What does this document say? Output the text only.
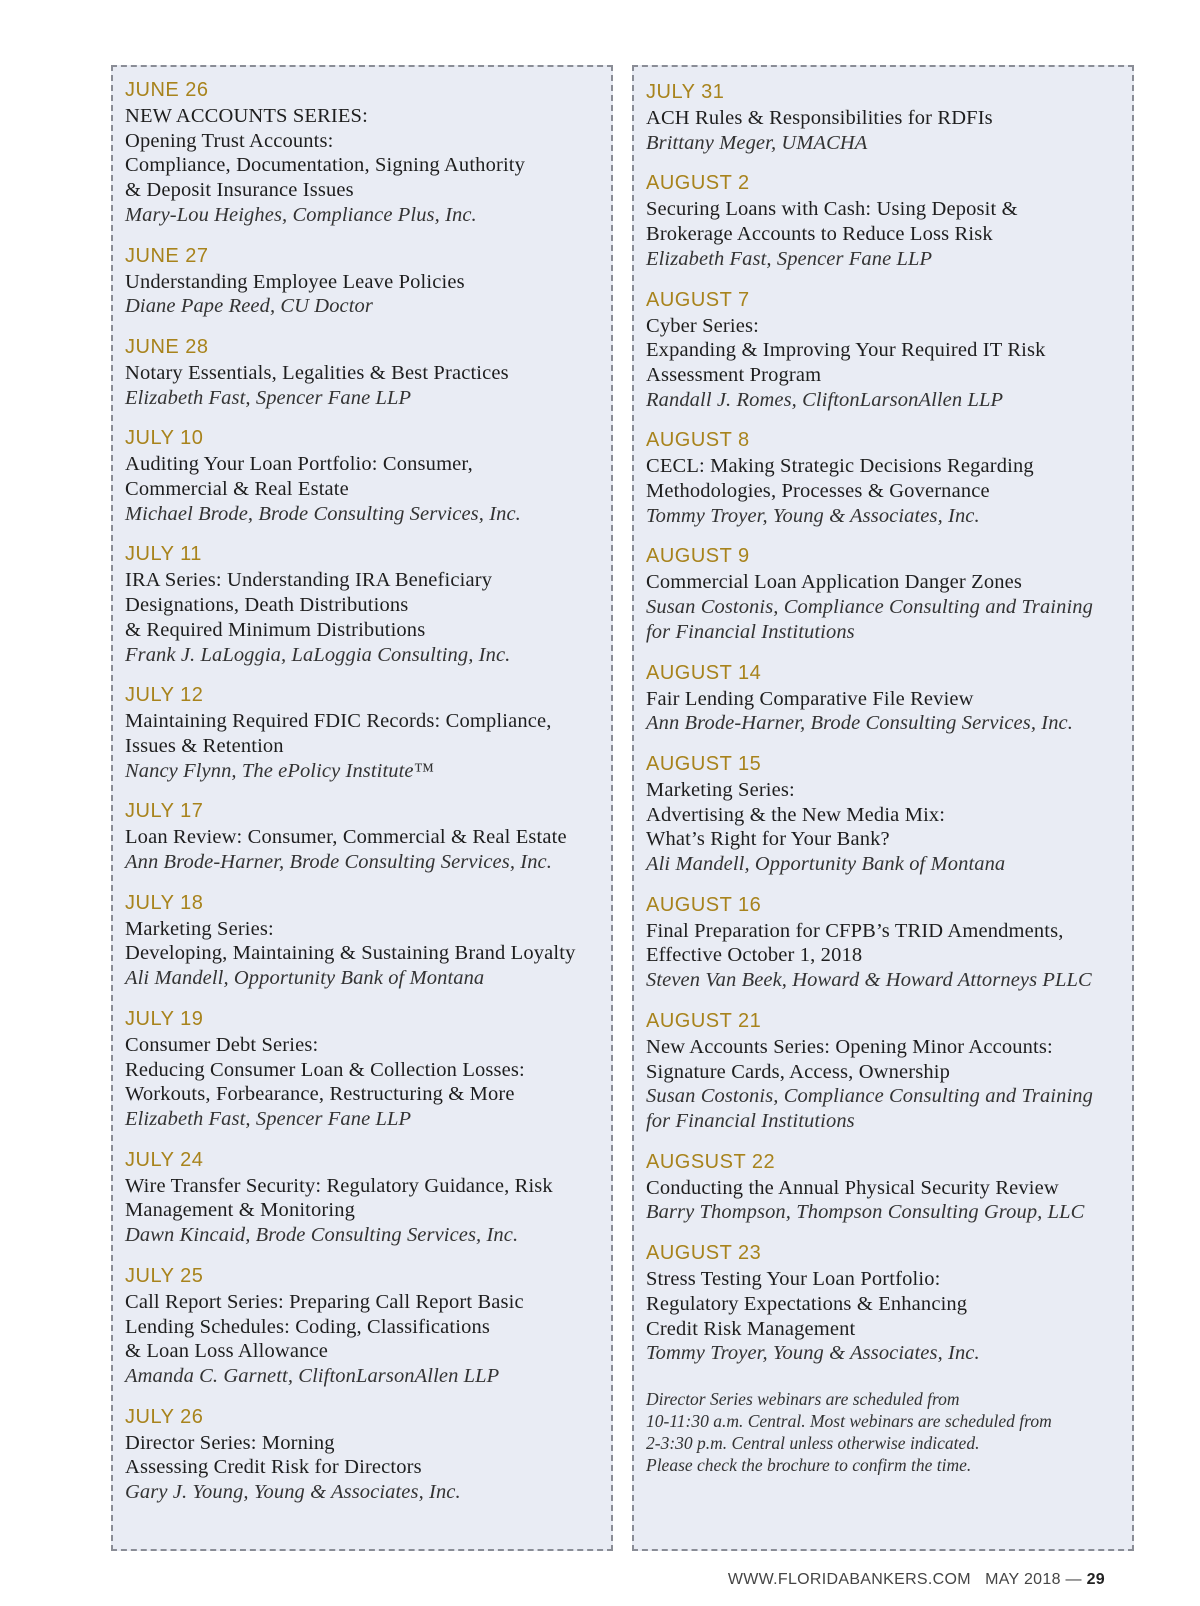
JUNE 26
NEW ACCOUNTS SERIES:
Opening Trust Accounts:
Compliance, Documentation, Signing Authority
& Deposit Insurance Issues
Mary-Lou Heighes, Compliance Plus, Inc.
JUNE 27
Understanding Employee Leave Policies
Diane Pape Reed, CU Doctor
JUNE 28
Notary Essentials, Legalities & Best Practices
Elizabeth Fast, Spencer Fane LLP
JULY 10
Auditing Your Loan Portfolio: Consumer,
Commercial & Real Estate
Michael Brode, Brode Consulting Services, Inc.
JULY 11
IRA Series: Understanding IRA Beneficiary
Designations, Death Distributions
& Required Minimum Distributions
Frank J. LaLoggia, LaLoggia Consulting, Inc.
JULY 12
Maintaining Required FDIC Records: Compliance,
Issues & Retention
Nancy Flynn, The ePolicy Institute™
JULY 17
Loan Review: Consumer, Commercial & Real Estate
Ann Brode-Harner, Brode Consulting Services, Inc.
JULY 18
Marketing Series:
Developing, Maintaining & Sustaining Brand Loyalty
Ali Mandell, Opportunity Bank of Montana
JULY 19
Consumer Debt Series:
Reducing Consumer Loan & Collection Losses:
Workouts, Forbearance, Restructuring & More
Elizabeth Fast, Spencer Fane LLP
JULY 24
Wire Transfer Security: Regulatory Guidance, Risk
Management & Monitoring
Dawn Kincaid, Brode Consulting Services, Inc.
JULY 25
Call Report Series: Preparing Call Report Basic
Lending Schedules: Coding, Classifications
& Loan Loss Allowance
Amanda C. Garnett, CliftonLarsonAllen LLP
JULY 26
Director Series: Morning
Assessing Credit Risk for Directors
Gary J. Young, Young & Associates, Inc.
JULY 31
ACH Rules & Responsibilities for RDFIs
Brittany Meger, UMACHA
AUGUST 2
Securing Loans with Cash: Using Deposit &
Brokerage Accounts to Reduce Loss Risk
Elizabeth Fast, Spencer Fane LLP
AUGUST 7
Cyber Series:
Expanding & Improving Your Required IT Risk
Assessment Program
Randall J. Romes, CliftonLarsonAllen LLP
AUGUST 8
CECL: Making Strategic Decisions Regarding
Methodologies, Processes & Governance
Tommy Troyer, Young & Associates, Inc.
AUGUST 9
Commercial Loan Application Danger Zones
Susan Costonis, Compliance Consulting and Training
for Financial Institutions
AUGUST 14
Fair Lending Comparative File Review
Ann Brode-Harner, Brode Consulting Services, Inc.
AUGUST 15
Marketing Series:
Advertising & the New Media Mix:
What’s Right for Your Bank?
Ali Mandell, Opportunity Bank of Montana
AUGUST 16
Final Preparation for CFPB’s TRID Amendments,
Effective October 1, 2018
Steven Van Beek, Howard & Howard Attorneys PLLC
AUGUST 21
New Accounts Series: Opening Minor Accounts:
Signature Cards, Access, Ownership
Susan Costonis, Compliance Consulting and Training
for Financial Institutions
AUGSUST 22
Conducting the Annual Physical Security Review
Barry Thompson, Thompson Consulting Group, LLC
AUGUST 23
Stress Testing Your Loan Portfolio:
Regulatory Expectations & Enhancing
Credit Risk Management
Tommy Troyer, Young & Associates, Inc.
Director Series webinars are scheduled from
10-11:30 a.m. Central. Most webinars are scheduled from
2-3:30 p.m. Central unless otherwise indicated.
Please check the brochure to confirm the time.
WWW.FLORIDABANKERS.COM MAY 2018 — 29
